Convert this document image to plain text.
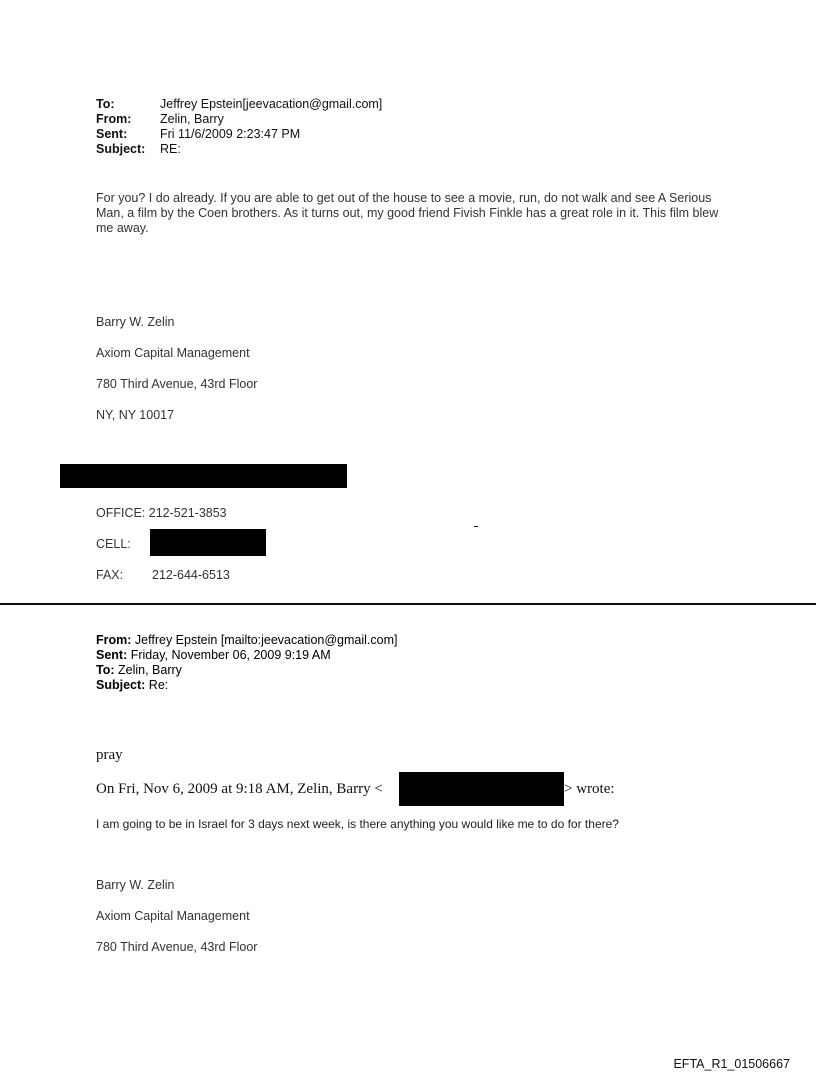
To:	Jeffrey Epstein[jeevacation@gmail.com]
From: Zelin, Barry
Sent:	Fri 11/6/2009 2:23:47 PM
Subject: RE:
For you? I do already. If you are able to get out of the house to see a movie, run, do not walk and see A Serious Man, a film by the Coen brothers. As it turns out, my good friend Fivish Finkle has a great role in it. This film blew me away.
Barry W. Zelin
Axiom Capital Management
780 Third Avenue, 43rd Floor
NY, NY 10017
OFFICE: 212-521-3853
CELL:
FAX: 212-644-6513
From: Jeffrey Epstein [mailto:jeevacation@gmail.com]
Sent: Friday, November 06, 2009 9:19 AM
To: Zelin, Barry
Subject: Re:
pray
On Fri, Nov 6, 2009 at 9:18 AM, Zelin, Barry <	> wrote:
I am going to be in Israel for 3 days next week, is there anything you would like me to do for there?
Barry W. Zelin
Axiom Capital Management
780 Third Avenue, 43rd Floor
EFTA_R1_01506667
